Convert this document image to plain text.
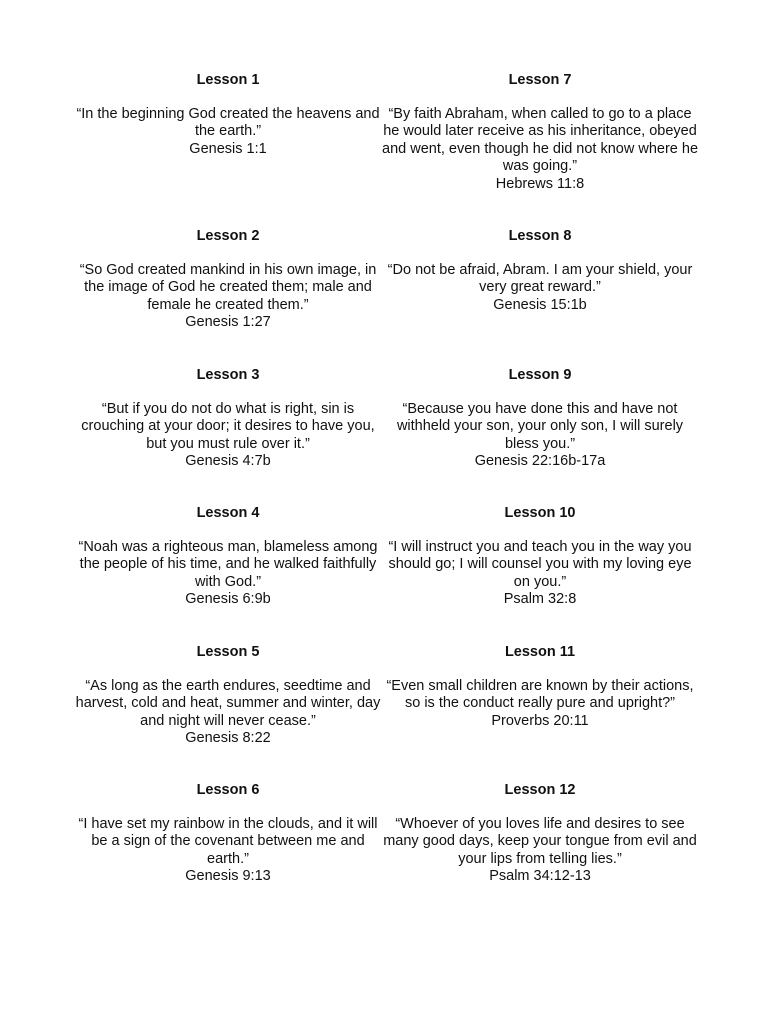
Lesson 1
“In the beginning God created the heavens and the earth.”
Genesis 1:1
Lesson 2
“So God created mankind in his own image, in the image of God he created them; male and female he created them.”
Genesis 1:27
Lesson 3
“But if you do not do what is right, sin is crouching at your door; it desires to have you, but you must rule over it.”
Genesis 4:7b
Lesson 4
“Noah was a righteous man, blameless among the people of his time, and he walked faithfully with God.”
Genesis 6:9b
Lesson 5
“As long as the earth endures, seedtime and harvest, cold and heat, summer and winter, day and night will never cease.”
Genesis 8:22
Lesson 6
“I have set my rainbow in the clouds, and it will be a sign of the covenant between me and earth.”
Genesis 9:13
Lesson 7
“By faith Abraham, when called to go to a place he would later receive as his inheritance, obeyed and went, even though he did not know where he was going.”
Hebrews 11:8
Lesson 8
“Do not be afraid, Abram. I am your shield, your very great reward.”
Genesis 15:1b
Lesson 9
“Because you have done this and have not withheld your son, your only son, I will surely bless you.”
Genesis 22:16b-17a
Lesson 10
“I will instruct you and teach you in the way you should go; I will counsel you with my loving eye on you.”
Psalm 32:8
Lesson 11
“Even small children are known by their actions, so is the conduct really pure and upright?”
Proverbs 20:11
Lesson 12
“Whoever of you loves life and desires to see many good days, keep your tongue from evil and your lips from telling lies.”
Psalm 34:12-13
